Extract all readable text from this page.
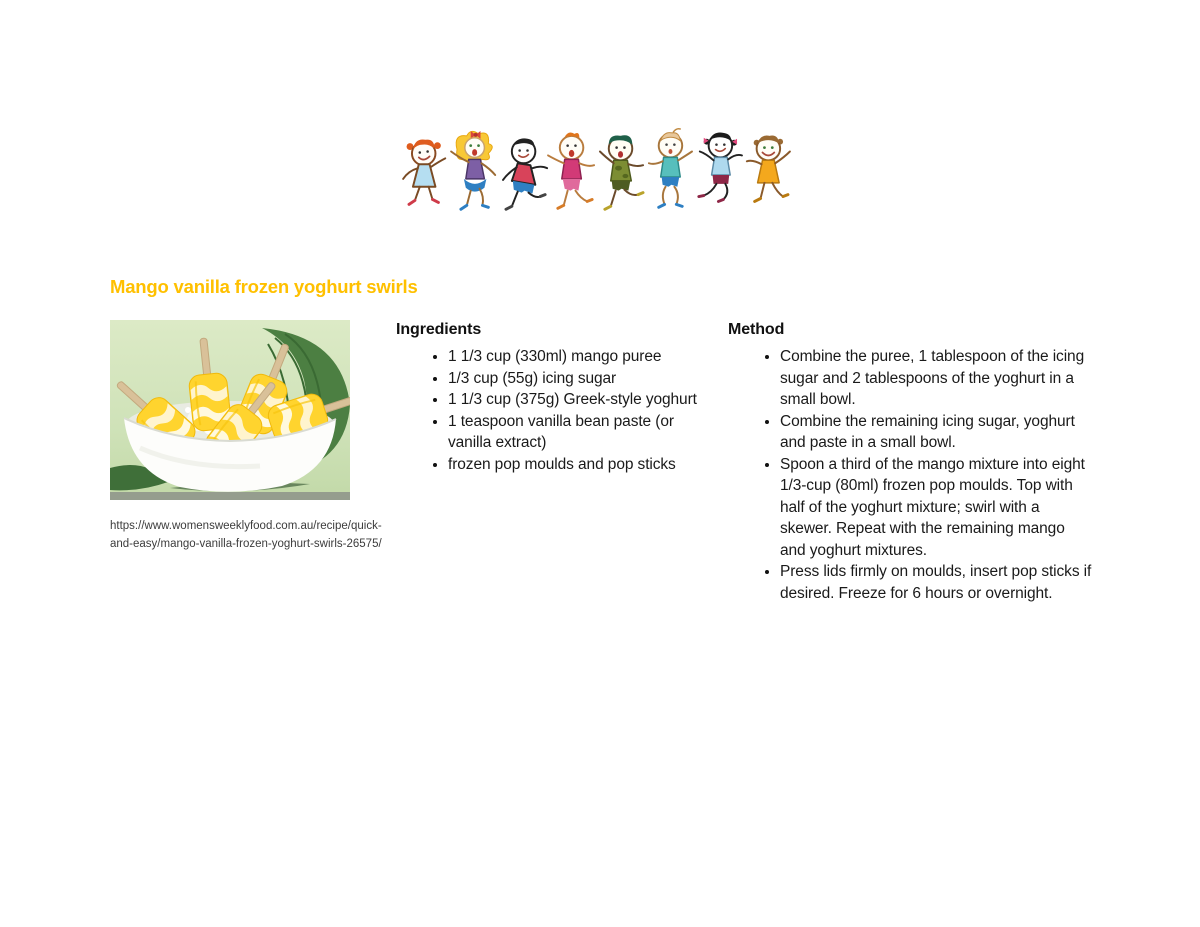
Mango vanilla frozen yoghurt swirls
https://www.womensweeklyfood.com.au/recipe/quick-
and-easy/mango-vanilla-frozen-yoghurt-swirls-26575/
Ingredients
• 1 1/3 cup (330ml) mango puree
• 1/3 cup (55g) icing sugar
• 1 1/3 cup (375g) Greek-style yoghurt
• 1 teaspoon vanilla bean paste (or vanilla extract)
• frozen pop moulds and pop sticks
Method
• Combine the puree, 1 tablespoon of the icing sugar and 2 tablespoons of the yoghurt in a small bowl.
• Combine the remaining icing sugar, yoghurt and paste in a small bowl.
• Spoon a third of the mango mixture into eight 1/3-cup (80ml) frozen pop moulds. Top with half of the yoghurt mixture; swirl with a skewer. Repeat with the remaining mango and yoghurt mixtures.
• Press lids firmly on moulds, insert pop sticks if desired. Freeze for 6 hours or overnight.
